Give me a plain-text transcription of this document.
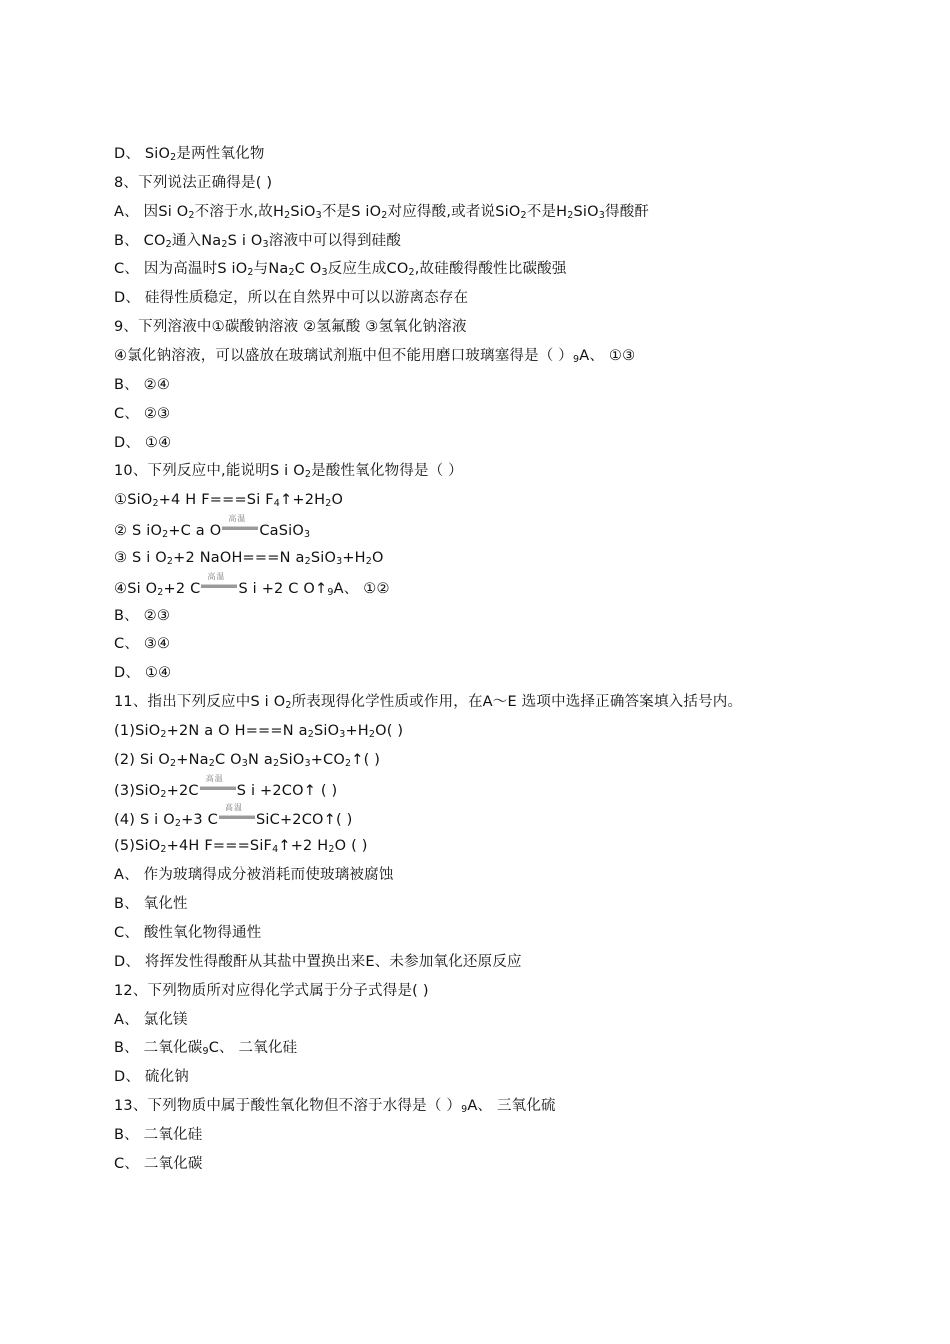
D、 SiO$_2$是两性氧化物
8、下列说法正确得是( )
A、 因Si $O_2$不溶于水,故$H_2SiO_3$不是S $iO_2$对应得酸,或者说SiO$_2$不是$H_2SiO_3$得酸酐
B、 $CO_2$通入$Na_2S$ i $O_3$溶液中可以得到硅酸
C、 因为高温时S $iO_2$与$Na_2C$ $O_3$反应生成$CO_2$,故硅酸得酸性比碳酸强
D、 硅得性质稳定，所以在自然界中可以以游离态存在
9、下列溶液中①碳酸钠溶液 ②氢氟酸 ③氢氧化钠溶液
④氯化钠溶液，可以盛放在玻璃试剂瓶中但不能用磨口玻璃塞得是（ ）$_9A$、 ①③
B、 ②④
C、 ②③
D、 ①④
10、下列反应中,能说明S i $O_2$是酸性氧化物得是（ ）
①SiO$_2$+4 H F===Si $F_4↑+2H_2O$
② S $iO_2+C$ a O
高温
CaSiO$_3$
③ S i $O_2+2$ NaOH===N $a_2SiO_3+H_2O$
④Si $O_2+2$ C
高温
S i +2 C $O↑_9A$、 ①②
B、 ②③
C、 ③④
D、 ①④
11、指出下列反应中S i $O_2$所表现得化学性质或作用，在A～E 选项中选择正确答案填入括号内。
(1)SiO$_2$+2N a O H===N $a_2SiO_3+H_2O$( )
(2) Si $O_2+Na_2C$ $O_3N$ $a_2SiO_3+CO_2↑$( )
(3)SiO$_2$+2C
高温
S i +2CO↑ ( )
(4) S i $O_2+3$ C
高温
SiC+2CO↑( )
(5)SiO$_2$+4H F===SiF$_4$↑+2 $H_2O$ ( )
A、 作为玻璃得成分被消耗而使玻璃被腐蚀
B、 氧化性
C、 酸性氧化物得通性
D、 将挥发性得酸酐从其盐中置换出来E、未参加氧化还原反应
12、下列物质所对应得化学式属于分子式得是( )
A、 氯化镁
B、 二氧化碳$_9$C、 二氧化硅
D、 硫化钠
13、下列物质中属于酸性氧化物但不溶于水得是（ ）$_9A$、 三氧化硫
B、 二氧化硅
C、 二氧化碳
